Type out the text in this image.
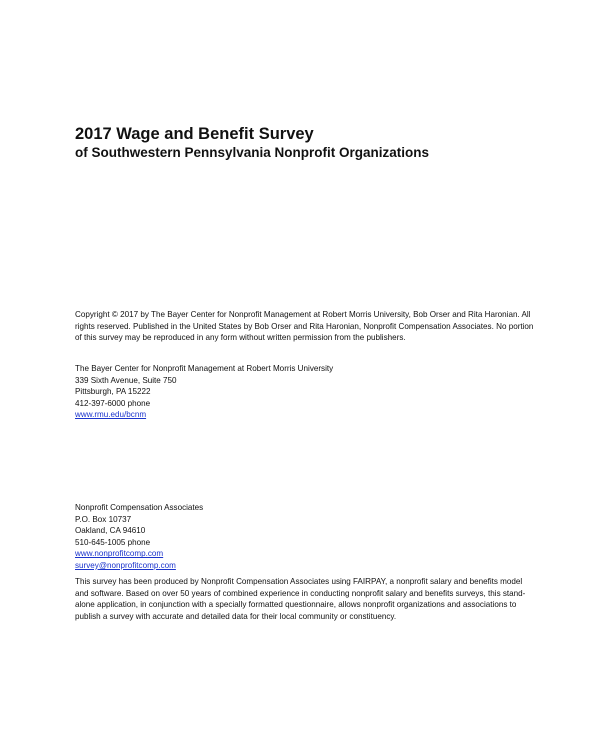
2017 Wage and Benefit Survey
of Southwestern Pennsylvania Nonprofit Organizations

Copyright © 2017 by The Bayer Center for Nonprofit Management at Robert Morris University, Bob Orser and Rita Haronian. All rights reserved. Published in the United States by Bob Orser and Rita Haronian, Nonprofit Compensation Associates. No portion of this survey may be reproduced in any form without written permission from the publishers.

The Bayer Center for Nonprofit Management at Robert Morris University
339 Sixth Avenue, Suite 750
Pittsburgh, PA 15222
412-397-6000 phone
www.rmu.edu/bcnm
Nonprofit Compensation Associates
P.O. Box 10737
Oakland, CA 94610
510-645-1005 phone
www.nonprofitcomp.com
survey@nonprofitcomp.com

This survey has been produced by Nonprofit Compensation Associates using FAIRPAY, a nonprofit salary and benefits model and software. Based on over 50 years of combined experience in conducting nonprofit salary and benefits surveys, this stand-alone application, in conjunction with a specially formatted questionnaire, allows nonprofit organizations and associations to publish a survey with accurate and detailed data for their local community or constituency.
